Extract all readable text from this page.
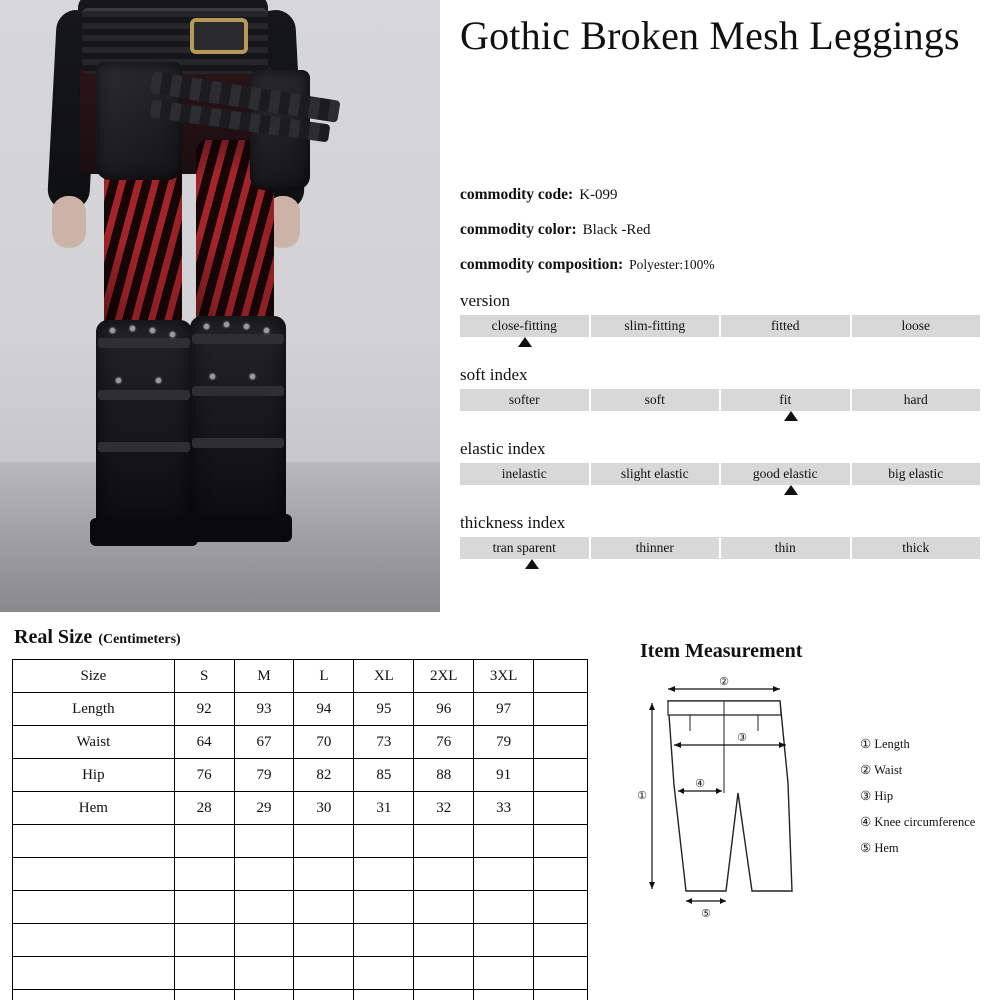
Gothic Broken Mesh Leggings
commodity code: K-099
commodity color: Black -Red
commodity composition: Polyester:100%
version
close-fitting	slim-fitting	fitted	loose
soft index
softer	soft	fit	hard
elastic index
inelastic	slight elastic	good elastic	big elastic
thickness index
tran sparent	thinner	thin	thick
Real Size (Centimeters)
Size	S	M	L	XL	2XL	3XL	
Length	92	93	94	95	96	97	
Waist	64	67	70	73	76	79	
Hip	76	79	82	85	88	91	
Hem	28	29	30	31	32	33	

Item Measurement
②
③
①
④
⑤
① Length
② Waist
③ Hip
④ Knee circumference
⑤ Hem
